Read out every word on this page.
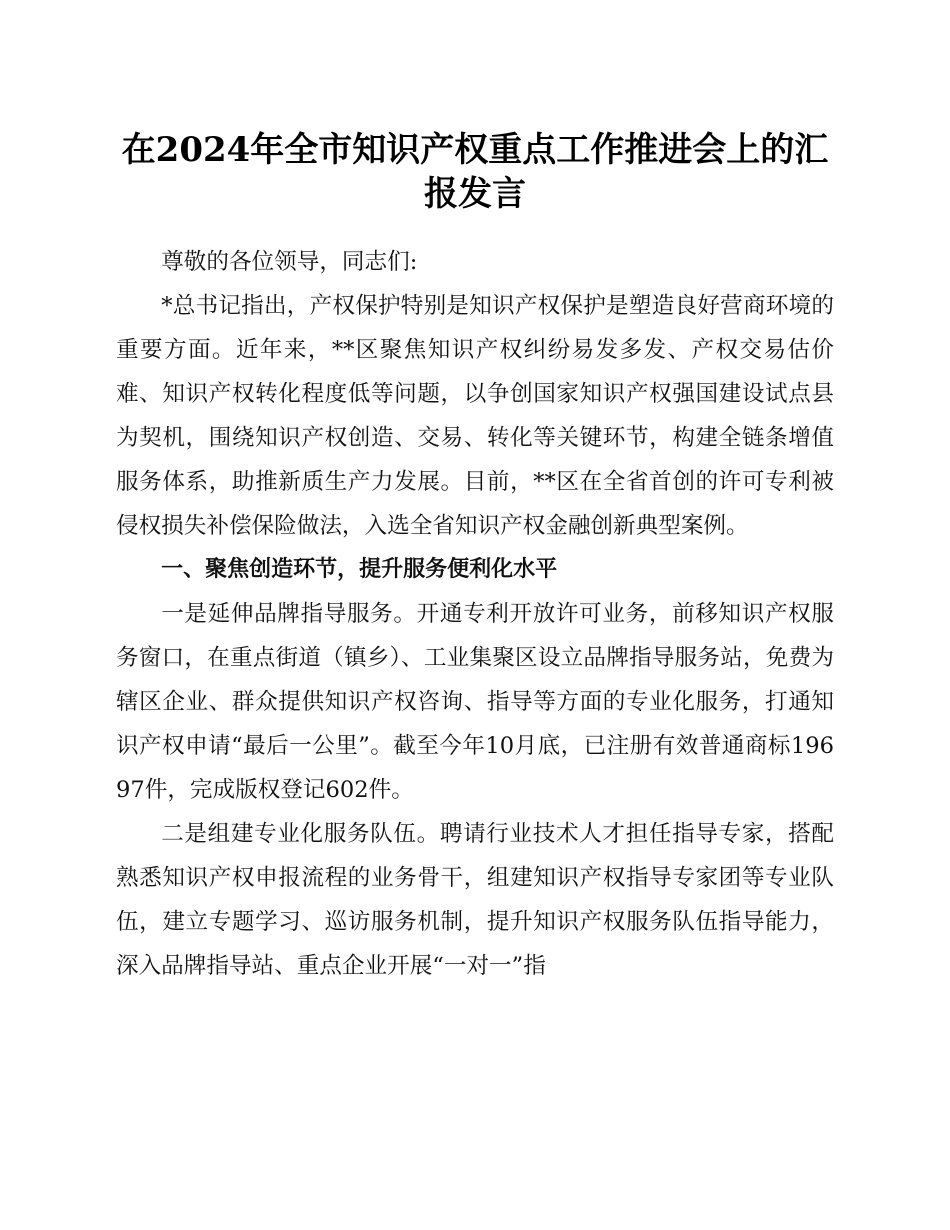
在2024年全市知识产权重点工作推进会上的汇报发言

尊敬的各位领导，同志们:

*总书记指出，产权保护特别是知识产权保护是塑造良好营商环境的重要方面。近年来，**区聚焦知识产权纠纷易发多发、产权交易估价难、知识产权转化程度低等问题，以争创国家知识产权强国建设试点县为契机，围绕知识产权创造、交易、转化等关键环节，构建全链条增值服务体系，助推新质生产力发展。目前，**区在全省首创的许可专利被侵权损失补偿保险做法，入选全省知识产权金融创新典型案例。

一、聚焦创造环节，提升服务便利化水平

一是延伸品牌指导服务。开通专利开放许可业务，前移知识产权服务窗口，在重点街道（镇乡）、工业集聚区设立品牌指导服务站，免费为辖区企业、群众提供知识产权咨询、指导等方面的专业化服务，打通知识产权申请“最后一公里”。截至今年10月底，已注册有效普通商标19697件，完成版权登记602件。

二是组建专业化服务队伍。聘请行业技术人才担任指导专家，搭配熟悉知识产权申报流程的业务骨干，组建知识产权指导专家团等专业队伍，建立专题学习、巡访服务机制，提升知识产权服务队伍指导能力，深入品牌指导站、重点企业开展“一对一”指
